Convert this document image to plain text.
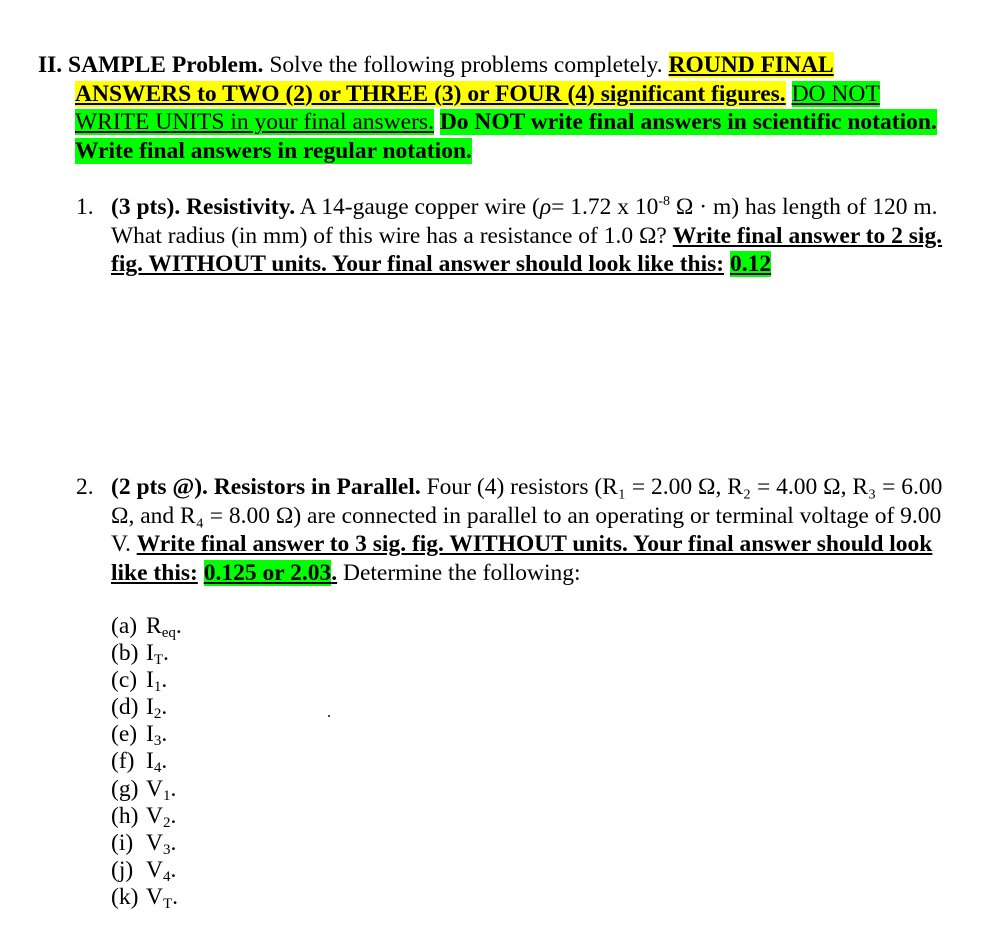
II. SAMPLE Problem. Solve the following problems completely. ROUND FINAL
ANSWERS to TWO (2) or THREE (3) or FOUR (4) significant figures. DO NOT
WRITE UNITS in your final answers. Do NOT write final answers in scientific notation.
Write final answers in regular notation.
1. (3 pts). Resistivity. A 14-gauge copper wire (ρ= 1.72 x $10^{-8}$ Ω · m) has length of 120 m.
What radius (in mm) of this wire has a resistance of 1.0 Ω? Write final answer to 2 sig.
fig. WITHOUT units. Your final answer should look like this: 0.12
2. (2 pts @). Resistors in Parallel. Four (4) resistors (R₁ = 2.00 Ω, R₂ = 4.00 Ω, R₃ = 6.00
Ω, and R₄ = 8.00 Ω) are connected in parallel to an operating or terminal voltage of 9.00
V. Write final answer to 3 sig. fig. WITHOUT units. Your final answer should look
like this: 0.125 or 2.03. Determine the following:
(a) $R_{eq}$.
(b) $I_T$.
(c) $I_1$.
(d) $I_2$.
(e) $I_3$.
(f) $I_4$.
(g) $V_1$.
(h) $V_2$.
(i) $V_3$.
(j) $V_4$.
(k) $V_T$.
